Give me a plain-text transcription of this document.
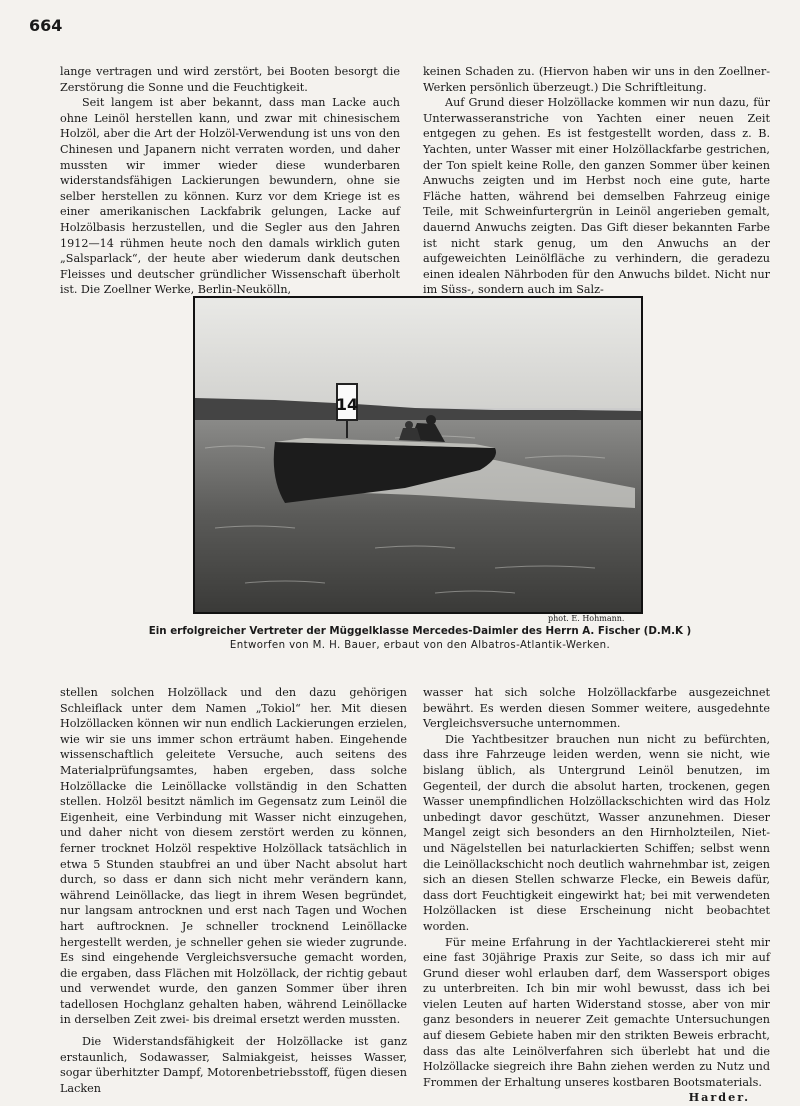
664

lange vertragen und wird zerstört, bei Booten besorgt die Zerstörung die Sonne und die Feuchtigkeit.

Seit langem ist aber bekannt, dass man Lacke auch ohne Leinöl herstellen kann, und zwar mit chinesischem Holzöl, aber die Art der Holzöl-Verwendung ist uns von den Chinesen und Japanern nicht verraten worden, und daher mussten wir immer wieder diese wunderbaren widerstandsfähigen Lackierungen bewundern, ohne sie selber herstellen zu können. Kurz vor dem Kriege ist es einer amerikanischen Lackfabrik gelungen, Lacke auf Holzölbasis herzustellen, und die Segler aus den Jahren 1912—14 rühmen heute noch den damals wirklich guten „Salsparlack“, der heute aber wiederum dank deutschen Fleisses und deutscher gründlicher Wissenschaft überholt ist. Die Zoellner Werke, Berlin-Neukölln,

keinen Schaden zu. (Hiervon haben wir uns in den Zoellner-Werken persönlich überzeugt.) Die Schriftleitung.

Auf Grund dieser Holzöllacke kommen wir nun dazu, für Unterwasseranstriche von Yachten einer neuen Zeit entgegen zu gehen. Es ist festgestellt worden, dass z. B. Yachten, unter Wasser mit einer Holzöllackfarbe gestrichen, der Ton spielt keine Rolle, den ganzen Sommer über keinen Anwuchs zeigten und im Herbst noch eine gute, harte Fläche hatten, während bei demselben Fahrzeug einige Teile, mit Schweinfurtergrün in Leinöl angerieben gemalt, dauernd Anwuchs zeigten. Das Gift dieser bekannten Farbe ist nicht stark genug, um den Anwuchs an der aufgeweichten Leinölfläche zu verhindern, die geradezu einen idealen Nährboden für den Anwuchs bildet. Nicht nur im Süss-, sondern auch im Salz-

14
phot. E. Hohmann.
Ein erfolgreicher Vertreter der Müggelklasse Mercedes-Daimler des Herrn A. Fischer (D.M.K )
Entworfen von M. H. Bauer, erbaut von den Albatros-Atlantik-Werken.

stellen solchen Holzöllack und den dazu gehörigen Schleiflack unter dem Namen „Tokiol“ her. Mit diesen Holzöllacken können wir nun endlich Lackierungen erzielen, wie wir sie uns immer schon erträumt haben. Eingehende wissenschaftlich geleitete Versuche, auch seitens des Materialprüfungsamtes, haben ergeben, dass solche Holzöllacke die Leinöllacke vollständig in den Schatten stellen. Holzöl besitzt nämlich im Gegensatz zum Leinöl die Eigenheit, eine Verbindung mit Wasser nicht einzugehen, und daher nicht von diesem zerstört werden zu können, ferner trocknet Holzöl respektive Holzöllack tatsächlich in etwa 5 Stunden staubfrei an und über Nacht absolut hart durch, so dass er dann sich nicht mehr verändern kann, während Leinöllacke, das liegt in ihrem Wesen begründet, nur langsam antrocknen und erst nach Tagen und Wochen hart auftrocknen. Je schneller trocknend Leinöllacke hergestellt werden, je schneller gehen sie wieder zugrunde. Es sind eingehende Vergleichsversuche gemacht worden, die ergaben, dass Flächen mit Holzöllack, der richtig gebaut und verwendet wurde, den ganzen Sommer über ihren tadellosen Hochglanz gehalten haben, während Leinöllacke in derselben Zeit zwei- bis dreimal ersetzt werden mussten.

Die Widerstandsfähigkeit der Holzöllacke ist ganz erstaunlich, Sodawasser, Salmiakgeist, heisses Wasser, sogar überhitzter Dampf, Motorenbetriebsstoff, fügen diesen Lacken

wasser hat sich solche Holzöllackfarbe ausgezeichnet bewährt. Es werden diesen Sommer weitere, ausgedehnte Vergleichsversuche unternommen.

Die Yachtbesitzer brauchen nun nicht zu befürchten, dass ihre Fahrzeuge leiden werden, wenn sie nicht, wie bislang üblich, als Untergrund Leinöl benutzen, im Gegenteil, der durch die absolut harten, trockenen, gegen Wasser unempfindlichen Holzöllackschichten wird das Holz unbedingt davor geschützt, Wasser anzunehmen. Dieser Mangel zeigt sich besonders an den Hirnholzteilen, Niet- und Nägelstellen bei naturlackierten Schiffen; selbst wenn die Leinöllackschicht noch deutlich wahrnehmbar ist, zeigen sich an diesen Stellen schwarze Flecke, ein Beweis dafür, dass dort Feuchtigkeit eingewirkt hat; bei mit verwendeten Holzöllacken ist diese Erscheinung nicht beobachtet worden.

Für meine Erfahrung in der Yachtlackiererei steht mir eine fast 30jährige Praxis zur Seite, so dass ich mir auf Grund dieser wohl erlauben darf, dem Wassersport obiges zu unterbreiten. Ich bin mir wohl bewusst, dass ich bei vielen Leuten auf harten Widerstand stosse, aber von mir ganz besonders in neuerer Zeit gemachte Untersuchungen auf diesem Gebiete haben mir den strikten Beweis erbracht, dass das alte Leinölverfahren sich überlebt hat und die Holzöllacke siegreich ihre Bahn ziehen werden zu Nutz und Frommen der Erhaltung unseres kostbaren Bootsmaterials.

Harder.
